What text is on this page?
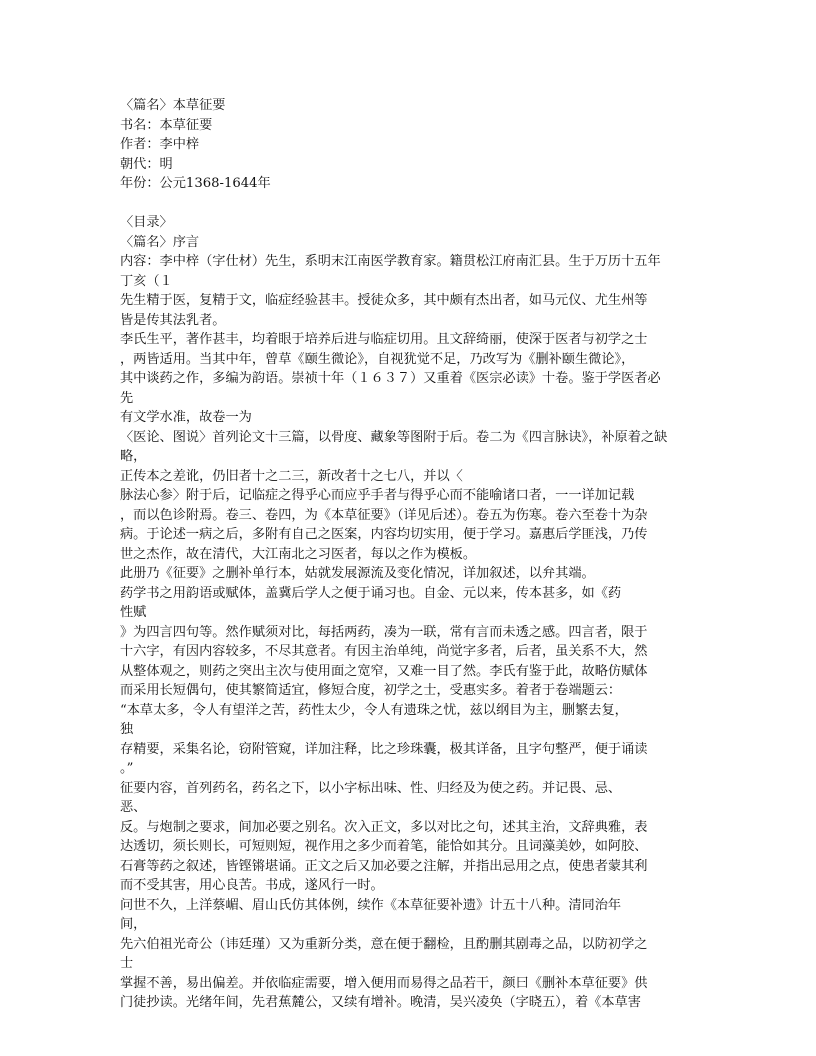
〈篇名〉本草征要
书名：本草征要
作者：李中梓
朝代：明
年份：公元1368-1644年
〈目录〉
〈篇名〉序言
内容：李中梓（字仕材）先生，系明末江南医学教育家。籍贯松江府南汇县。生于万历十五年
丁亥（１
先生精于医，复精于文，临症经验甚丰。授徒众多，其中颇有杰出者，如马元仪、尤生州等
皆是传其法乳者。
李氏生平，著作甚丰，均着眼于培养后进与临症切用。且文辞绮丽，使深于医者与初学之士
，两皆适用。当其中年，曾草《颐生微论》，自视犹觉不足，乃改写为《删补颐生微论》，
其中谈药之作，多编为韵语。崇祯十年（１６３７）又重着《医宗必读》十卷。鉴于学医者必
先
有文学水准，故卷一为
〈医论、图说〉首列论文十三篇，以骨度、藏象等图附于后。卷二为《四言脉诀》，补原着之缺
略，
正传本之差讹，仍旧者十之二三，新改者十之七八，并以〈
脉法心参〉附于后，记临症之得乎心而应乎手者与得乎心而不能喻诸口者，一一详加记载
，而以色诊附焉。卷三、卷四，为《本草征要》（详见后述）。卷五为伤寒。卷六至卷十为杂
病。于论述一病之后，多附有自己之医案，内容均切实用，便于学习。嘉惠后学匪浅，乃传
世之杰作，故在清代，大江南北之习医者，每以之作为模板。
此册乃《征要》之删补单行本，姑就发展源流及变化情况，详加叙述，以弁其端。
药学书之用韵语或赋体，盖冀后学人之便于诵习也。自金、元以来，传本甚多，如《药
性赋
》为四言四句等。然作赋须对比，每括两药，凑为一联，常有言而未透之感。四言者，限于
十六字，有因内容较多，不尽其意者。有因主治单纯，尚觉字多者，后者，虽关系不大，然
从整体观之，则药之突出主次与使用面之宽窄，又难一目了然。李氏有鉴于此，故略仿赋体
而采用长短偶句，使其繁简适宜，修短合度，初学之士，受惠实多。着者于卷端题云：
“本草太多，令人有望洋之苦，药性太少，令人有遗珠之忧，兹以纲目为主，删繁去复，
独
存精要，采集名论，窃附管窥，详加注释，比之珍珠囊，极其详备，且字句整严，便于诵读
。”
征要内容，首列药名，药名之下，以小字标出味、性、归经及为使之药。并记畏、忌、
恶、
反。与炮制之要求，间加必要之别名。次入正文，多以对比之句，述其主治，文辞典雅，表
达透切，须长则长，可短则短，视作用之多少而着笔，能恰如其分。且词藻美妙，如阿胶、
石膏等药之叙述，皆铿锵堪诵。正文之后又加必要之注解，并指出忌用之点，使患者蒙其利
而不受其害，用心良苦。书成，遂风行一时。
问世不久，上洋蔡嵋、眉山氏仿其体例，续作《本草征要补遗》计五十八种。清同治年
间，
先六伯祖光奇公（讳廷瑾）又为重新分类，意在便于翻检，且酌删其剧毒之品，以防初学之
士
掌握不善，易出偏差。并依临症需要，增入便用而易得之品若干，颜曰《删补本草征要》供
门徒抄读。光绪年间，先君蕉麓公，又续有增补。晚清，吴兴凌奂（字晓五），着《本草害
